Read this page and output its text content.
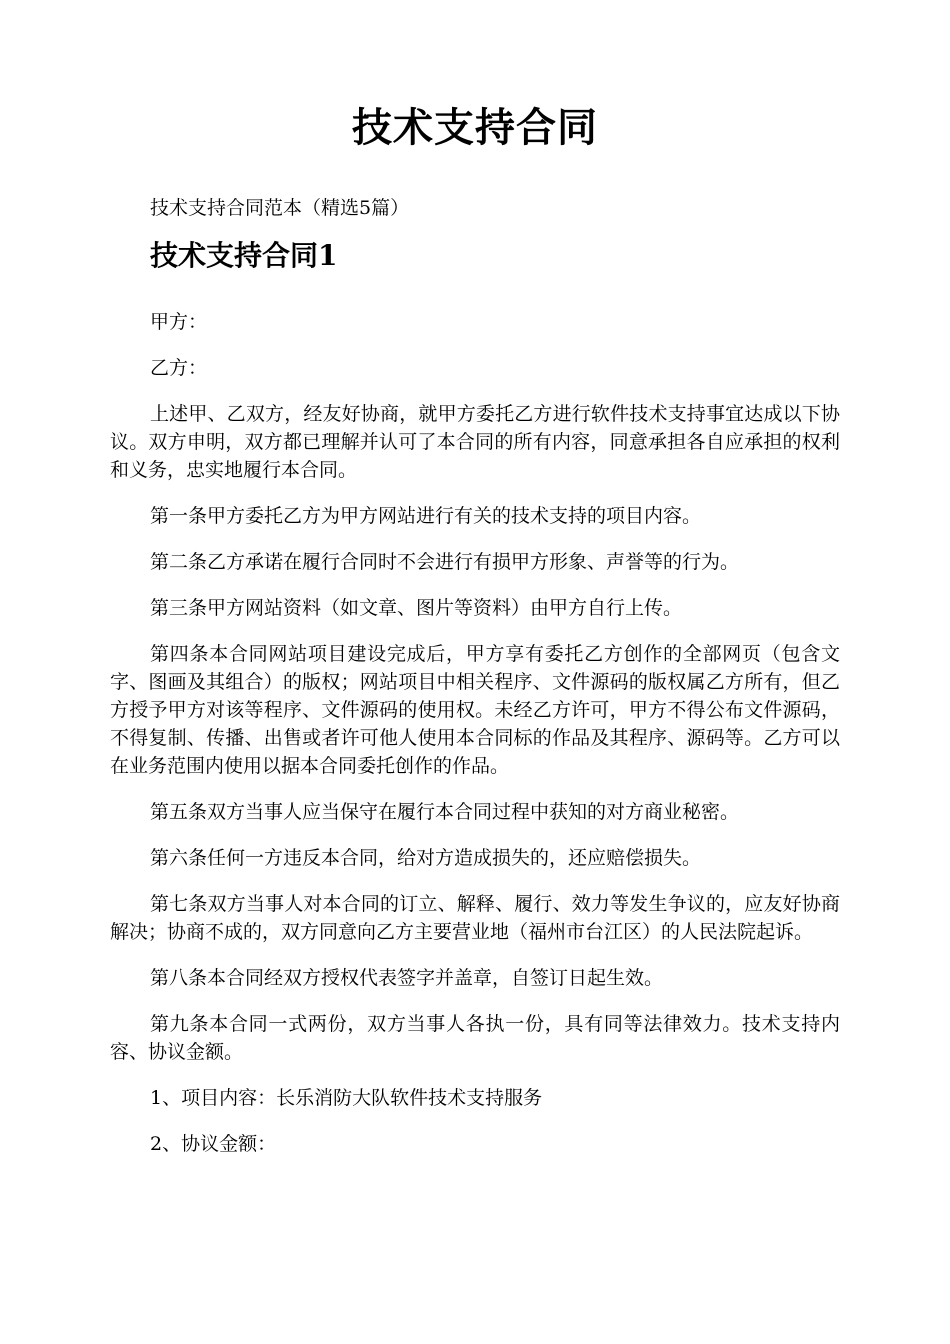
技术支持合同

技术支持合同范本（精选5篇）

技术支持合同1

甲方：

乙方：

上述甲、乙双方，经友好协商，就甲方委托乙方进行软件技术支持事宜达成以下协议。双方申明，双方都已理解并认可了本合同的所有内容，同意承担各自应承担的权利和义务，忠实地履行本合同。

第一条甲方委托乙方为甲方网站进行有关的技术支持的项目内容。

第二条乙方承诺在履行合同时不会进行有损甲方形象、声誉等的行为。

第三条甲方网站资料（如文章、图片等资料）由甲方自行上传。

第四条本合同网站项目建设完成后，甲方享有委托乙方创作的全部网页（包含文字、图画及其组合）的版权；网站项目中相关程序、文件源码的版权属乙方所有，但乙方授予甲方对该等程序、文件源码的使用权。未经乙方许可，甲方不得公布文件源码，不得复制、传播、出售或者许可他人使用本合同标的作品及其程序、源码等。乙方可以在业务范围内使用以据本合同委托创作的作品。

第五条双方当事人应当保守在履行本合同过程中获知的对方商业秘密。

第六条任何一方违反本合同，给对方造成损失的，还应赔偿损失。

第七条双方当事人对本合同的订立、解释、履行、效力等发生争议的，应友好协商解决；协商不成的，双方同意向乙方主要营业地（福州市台江区）的人民法院起诉。

第八条本合同经双方授权代表签字并盖章，自签订日起生效。

第九条本合同一式两份，双方当事人各执一份，具有同等法律效力。技术支持内容、协议金额。

1、项目内容：长乐消防大队软件技术支持服务

2、协议金额：
